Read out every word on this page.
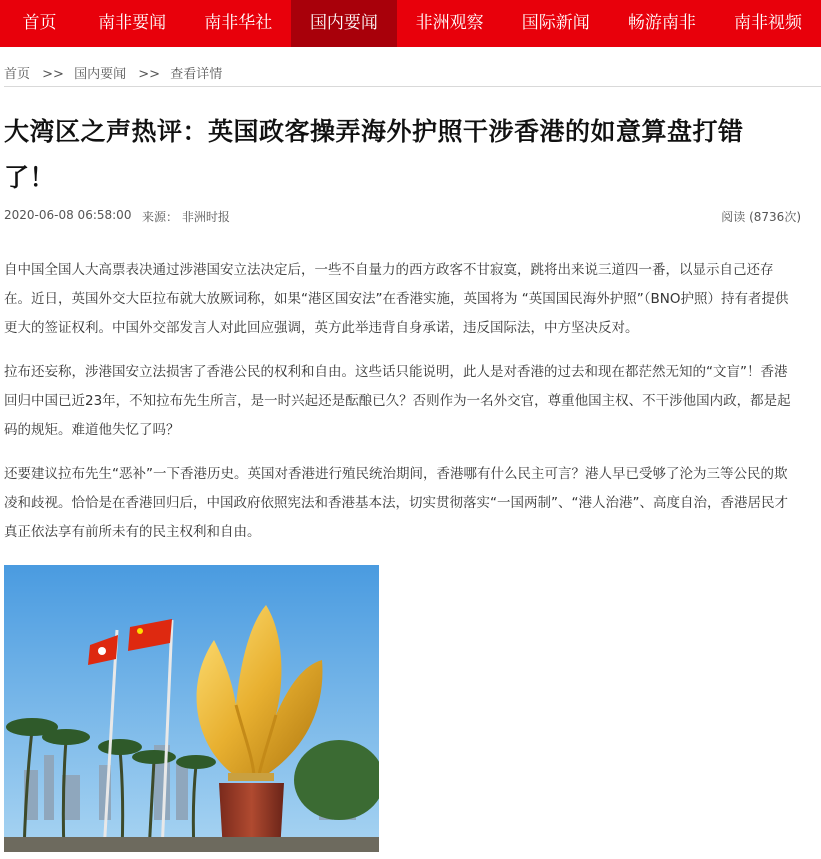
首页	南非要闻	南非华社	国内要闻	非洲观察	国际新闻	畅游南非	南非视频
首页 >> 国内要闻 >> 查看详情
大湾区之声热评：英国政客操弄海外护照干涉香港的如意算盘打错了！
2020-06-08 06:58:00 来源： 非洲时报	阅读 (8736次)

自中国全国人大高票表决通过涉港国安立法决定后，一些不自量力的西方政客不甘寂寞，跳将出来说三道四一番，以显示自己还存在。近日，英国外交大臣拉布就大放厥词称，如果“港区国安法”在香港实施，英国将为 “英国国民海外护照”（BNO护照）持有者提供更大的签证权利。中国外交部发言人对此回应强调，英方此举违背自身承诺，违反国际法，中方坚决反对。

拉布还妄称，涉港国安立法损害了香港公民的权利和自由。这些话只能说明，此人是对香港的过去和现在都茫然无知的“文盲”！香港回归中国已近23年，不知拉布先生所言，是一时兴起还是酝酿已久？否则作为一名外交官，尊重他国主权、不干涉他国内政，都是起码的规矩。难道他失忆了吗？

还要建议拉布先生“恶补”一下香港历史。英国对香港进行殖民统治期间，香港哪有什么民主可言？港人早已受够了沦为三等公民的欺凌和歧视。恰恰是在香港回归后，中国政府依照宪法和香港基本法，切实贯彻落实“一国两制”、“港人治港”、高度自治，香港居民才真正依法享有前所未有的民主权利和自由。
